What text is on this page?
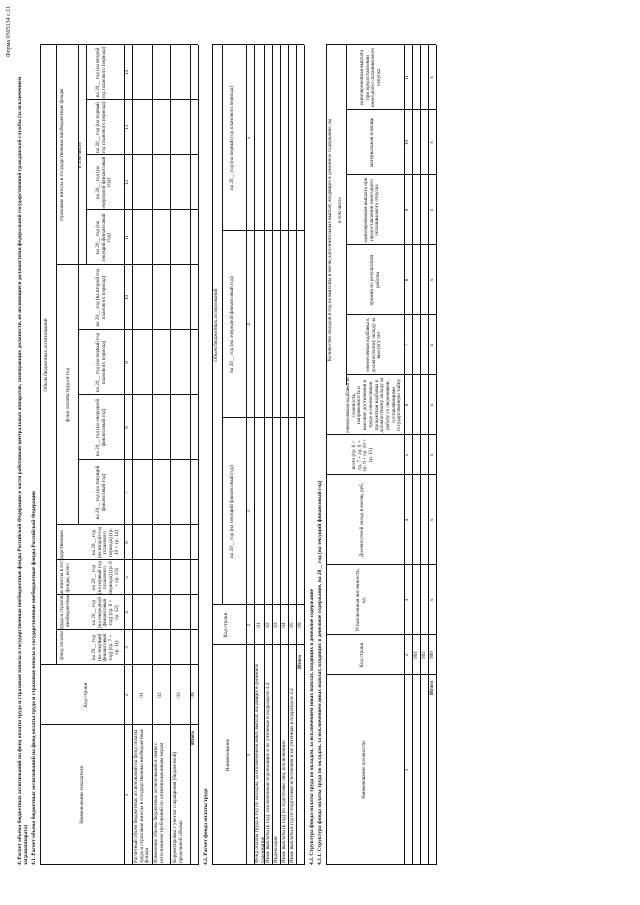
Форма 0505134 с.11
4. Расчет объема бюджетных ассигнований на фонд оплаты труда и страховые взносы в государственные внебюджетные фонды Российской Федерации в части работников центральных аппаратов, замещающих должности, не являющиеся должностями федеральной государственной гражданской службы (за исключением загранаппарата) 4.1. Расчет объема бюджетных ассигнований на фонд оплаты труда и страховые взносы в государственные внебюджетные фонды Российской Федерации	Наименование показателя
Код строки
Объем бюджетных ассигнований
фонд оплаты труда и страховые взносы в государственные внебюджетные фонды, всего
фонд оплаты труда в год
страховые взносы в государственные внебюджетные фонды в том числе
на 20__ год (на текущий финансовый год) (гр. 7 + гр. 11)
на 20__ год (на очередной финансовый год) (гр. 8 + гр. 12)
на 20__ год (на первый год планового периода) (гр. 9 + гр. 13)
на 20__ год (на второй год планового периода) (гр. 10 + гр. 14)
на 20__ год (на текущий финансовый год)
на 20__ год (на очередной финансовый год)
на 20__ год (на первый год планового периода)
на 20__ год (на второй год планового периода)
на 20__ год (на текущий финансовый год)
на 20__ год (на очередной финансовый год)
на 20__ год (на первый год планового периода)
на 20__ год (на второй год планового периода)
1
2
3
4
5
6
7
8
9
10
11
12
13
14
Расчетный объем бюджетных ассигнований на фонд оплаты труда и страховые взносы в государственные внебюджетные фонды
01
Изменение объема бюджетных ассигнований в связи с исполнением требований по оптимизационным мерам
02
Корректировка с учетом сокращения (бюджетной) предельной объема
03
Итого
09
4.2. Расчет фонда оплаты труда
Наименование
Код строки
Объем бюджетных ассигнований
на 20__ год (на текущий финансовый год)
на 20__ год (на очередной финансовый год)
на 20__ год (на первый год планового периода)
1
2
3
4
5
Фонд оплаты труда в год по окладам, за исключением иных выплат, входящих в денежное содержание
01
Иные выплаты (в год), исключенные подлежащие и не учтенные в подразделе 4.4
02
Индексация
03
Иные выплаты (в год) по подготовке лиц, исключенные
04
Иные выплаты в год по подготовке исполнения и не учтенные в подразделе 4.4
05
Итого
09 4.3. Структура фонда оплаты труда по окладам, за исключением иных выплат, входящих в денежное содержание 4.3.1. Структура фонда оплаты труда по окладам, за исключением иных выплат, входящих в денежное содержание, на 20__ год (на текущий финансовый год)	Наименование должности
Код строки
Установленная численность, ед.
Должностной оклад в месяц, руб.
Количество окладов в год на выплаты в месяц дополнительных выплат, входящих в денежное содержание, на
всего (гр. 6 + гр. 7 + гр. 8 + гр. 9 + гр. 10 + гр. 11)
в том числе
ежемесячная надбавка за сложность, напряженность и высокие достижения в труде и ежемесячная процентная надбавка к должностному окладу за работу со сведениями, составляющими государственную тайну
ежемесячная надбавка к должностному окладу за выслугу лет
премии по результатам работы
единовременная выплата при предоставлении ежегодного оплачиваемого отпуска
материальная помощь
единовременная выплата при предоставлении ежегодного оплачиваемого отпуска
1
2
3
4
5
6
7
8
9
10
11
001 002
Итого
900
x
x
x
x
x
x
x
x
x
